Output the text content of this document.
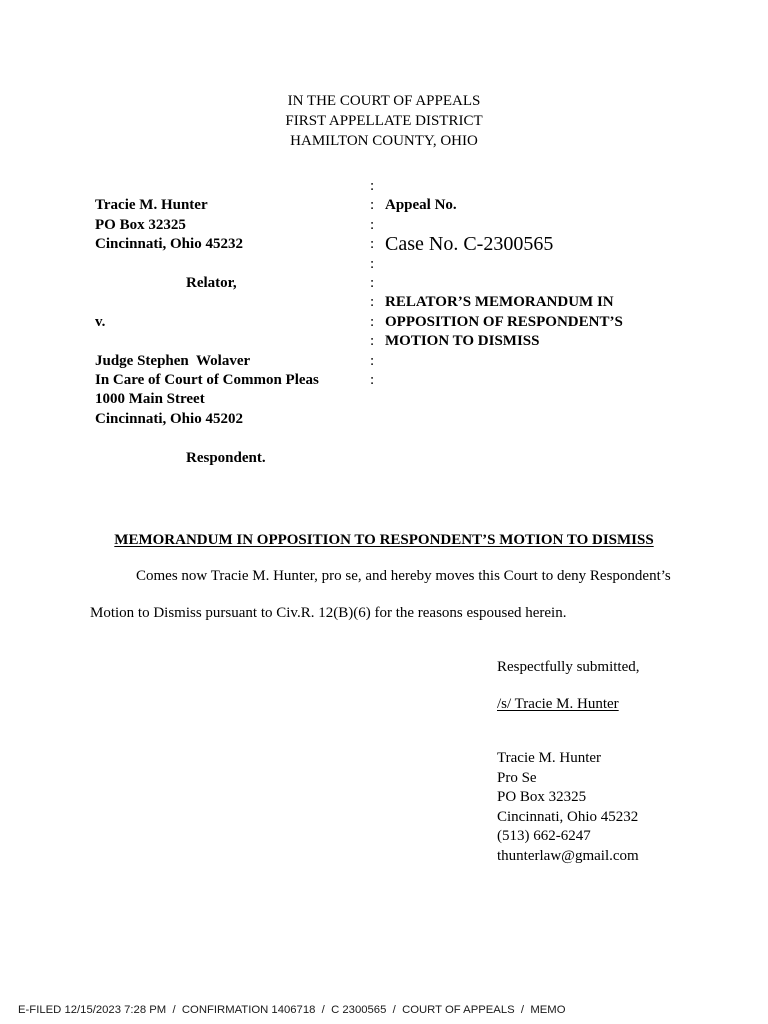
IN THE COURT OF APPEALS
FIRST APPELLATE DISTRICT
HAMILTON COUNTY, OHIO
Tracie M. Hunter
PO Box 32325
Cincinnati, Ohio 45232
Relator,
v.
Judge Stephen  Wolaver
In Care of Court of Common Pleas
1000 Main Street
Cincinnati, Ohio 45202
Respondent.
:
:
:
:
:
:
:
:
:
:
:
Appeal No.
Case No. C-2300565
RELATOR’S MEMORANDUM IN
OPPOSITION OF RESPONDENT’S
MOTION TO DISMISS
MEMORANDUM IN OPPOSITION TO RESPONDENT’S MOTION TO DISMISS
Comes now Tracie M. Hunter, pro se, and hereby moves this Court to deny Respondent’s
Motion to Dismiss pursuant to Civ.R. 12(B)(6) for the reasons espoused herein.
Respectfully submitted,
/s/ Tracie M. Hunter
Tracie M. Hunter
Pro Se
PO Box 32325
Cincinnati, Ohio 45232
(513) 662-6247
thunterlaw@gmail.com
E-FILED 12/15/2023 7:28 PM  /  CONFIRMATION 1406718  /  C 2300565  /  COURT OF APPEALS  /  MEMO
